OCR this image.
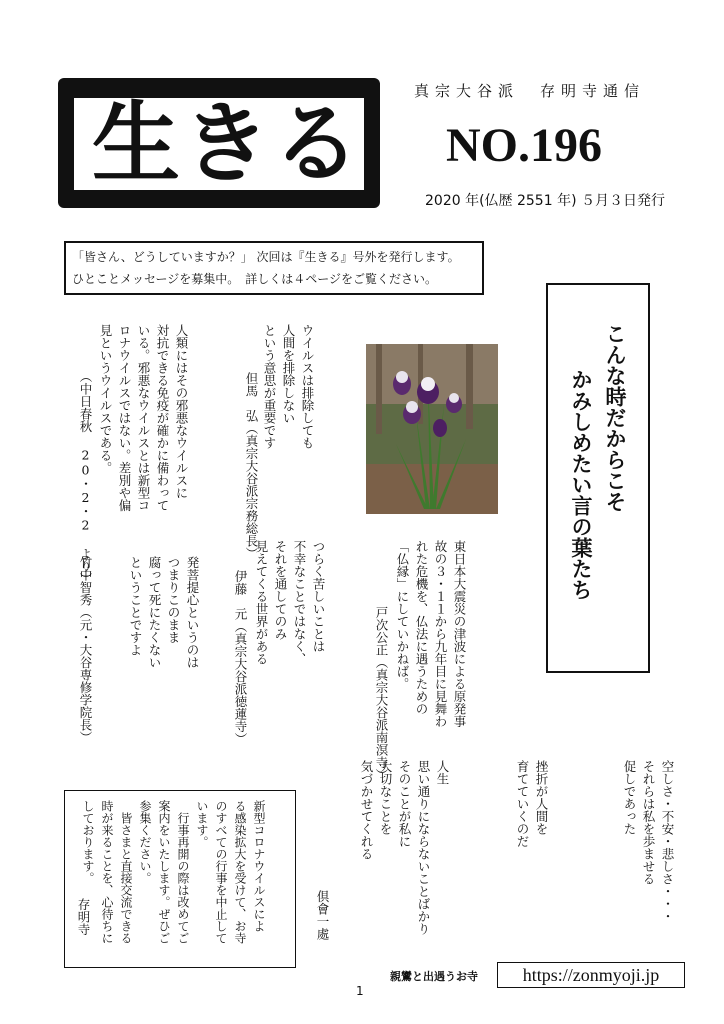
生きる	真宗大谷派　存明寺通信
NO.196
2020 年(仏歴 2551 年) ５月３日発行
「皆さん、どうしていますか？」 次回は『生きる』号外を発行します。
ひとことメッセージを募集中。　詳しくは４ページをご覧ください。
こんな時だからこそ
かみしめたい言の葉たち
ウイルスは排除しても
人間を排除しない
という意思が重要です
但馬　弘（真宗大谷派宗務総長）
人類にはその邪悪なウイルスに
対抗できる免疫が確かに備わって
いる。邪悪なウイルスとは新型コ
ロナウイルスではない。差別や偏
見というウイルスである。
（中日春秋 20・2・2 より）
東日本大震災の津波による原発事
故の３・１１から九年目に見舞わ
れた危機を、仏法に遇うための
「仏縁」にしていかねば。
戸次公正（真宗大谷派南溟寺）
つらく苦しいことは
不幸なことではなく、
それを通してのみ
見えてくる世界がある
伊藤　元（真宗大谷派徳蓮寺）
発菩提心というのは
つまりこのまま
腐って死にたくない
ということですよ
竹中智秀（元・大谷専修学院長）
空しさ・不安・悲しさ・・・
それらは私を歩ませる
促しであった
挫折が人間を
育てていくのだ
人生
思い通りにならないことばかり
そのことが私に
大切なことを
気づかせてくれる
倶會一處
新型コロナウイルスによ
る感染拡大を受けて、お寺
のすべての行事を中止して
います。
　行事再開の際は改めてご
案内をいたします。ぜひご
参集ください。
　皆さまと直接交流できる
時が来ることを、心待ちに
しております。
存明寺
親鸞と出遇うお寺	https://zonmyoji.jp
1
